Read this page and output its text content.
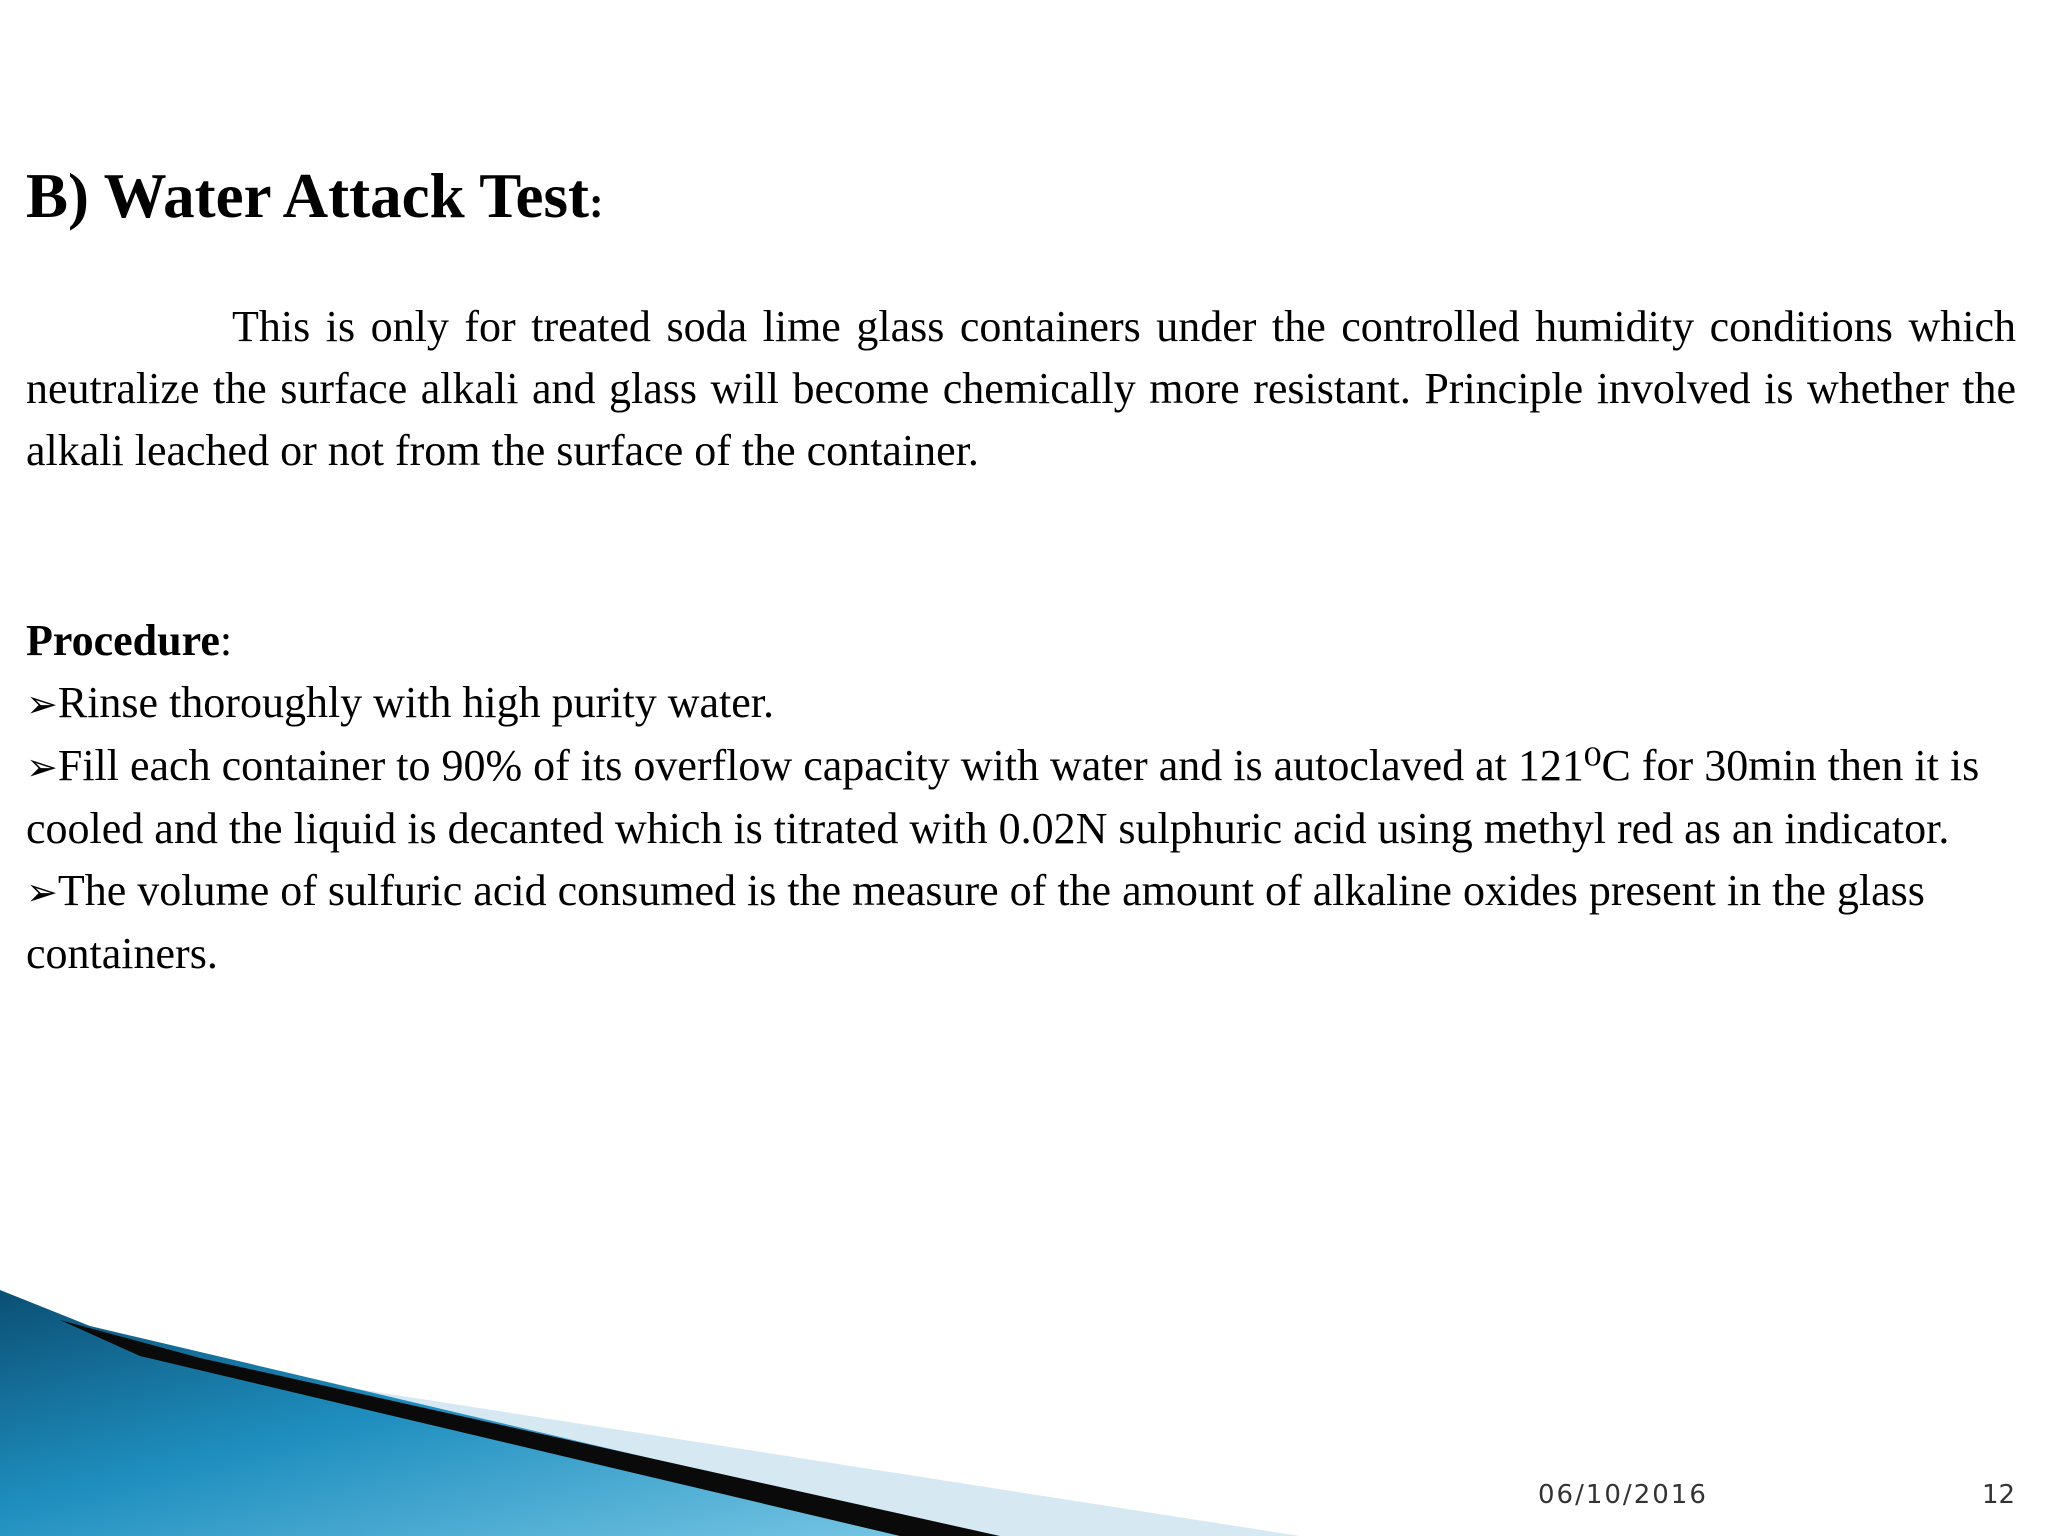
B) Water Attack Test:

This is only for treated soda lime glass containers under the controlled humidity conditions which neutralize the surface alkali and glass will become chemically more resistant. Principle involved is whether the alkali leached or not from the surface of the container.

Procedure:

➢Rinse thoroughly with high purity water.

➢Fill each container to 90% of its overflow capacity with water and is autoclaved at 121⁰C for 30min then it is cooled and the liquid is decanted which is titrated with 0.02N sulphuric acid using methyl red as an indicator.

➢The volume of sulfuric acid consumed is the measure of the amount of alkaline oxides present in the glass containers.

06/10/2016	12
